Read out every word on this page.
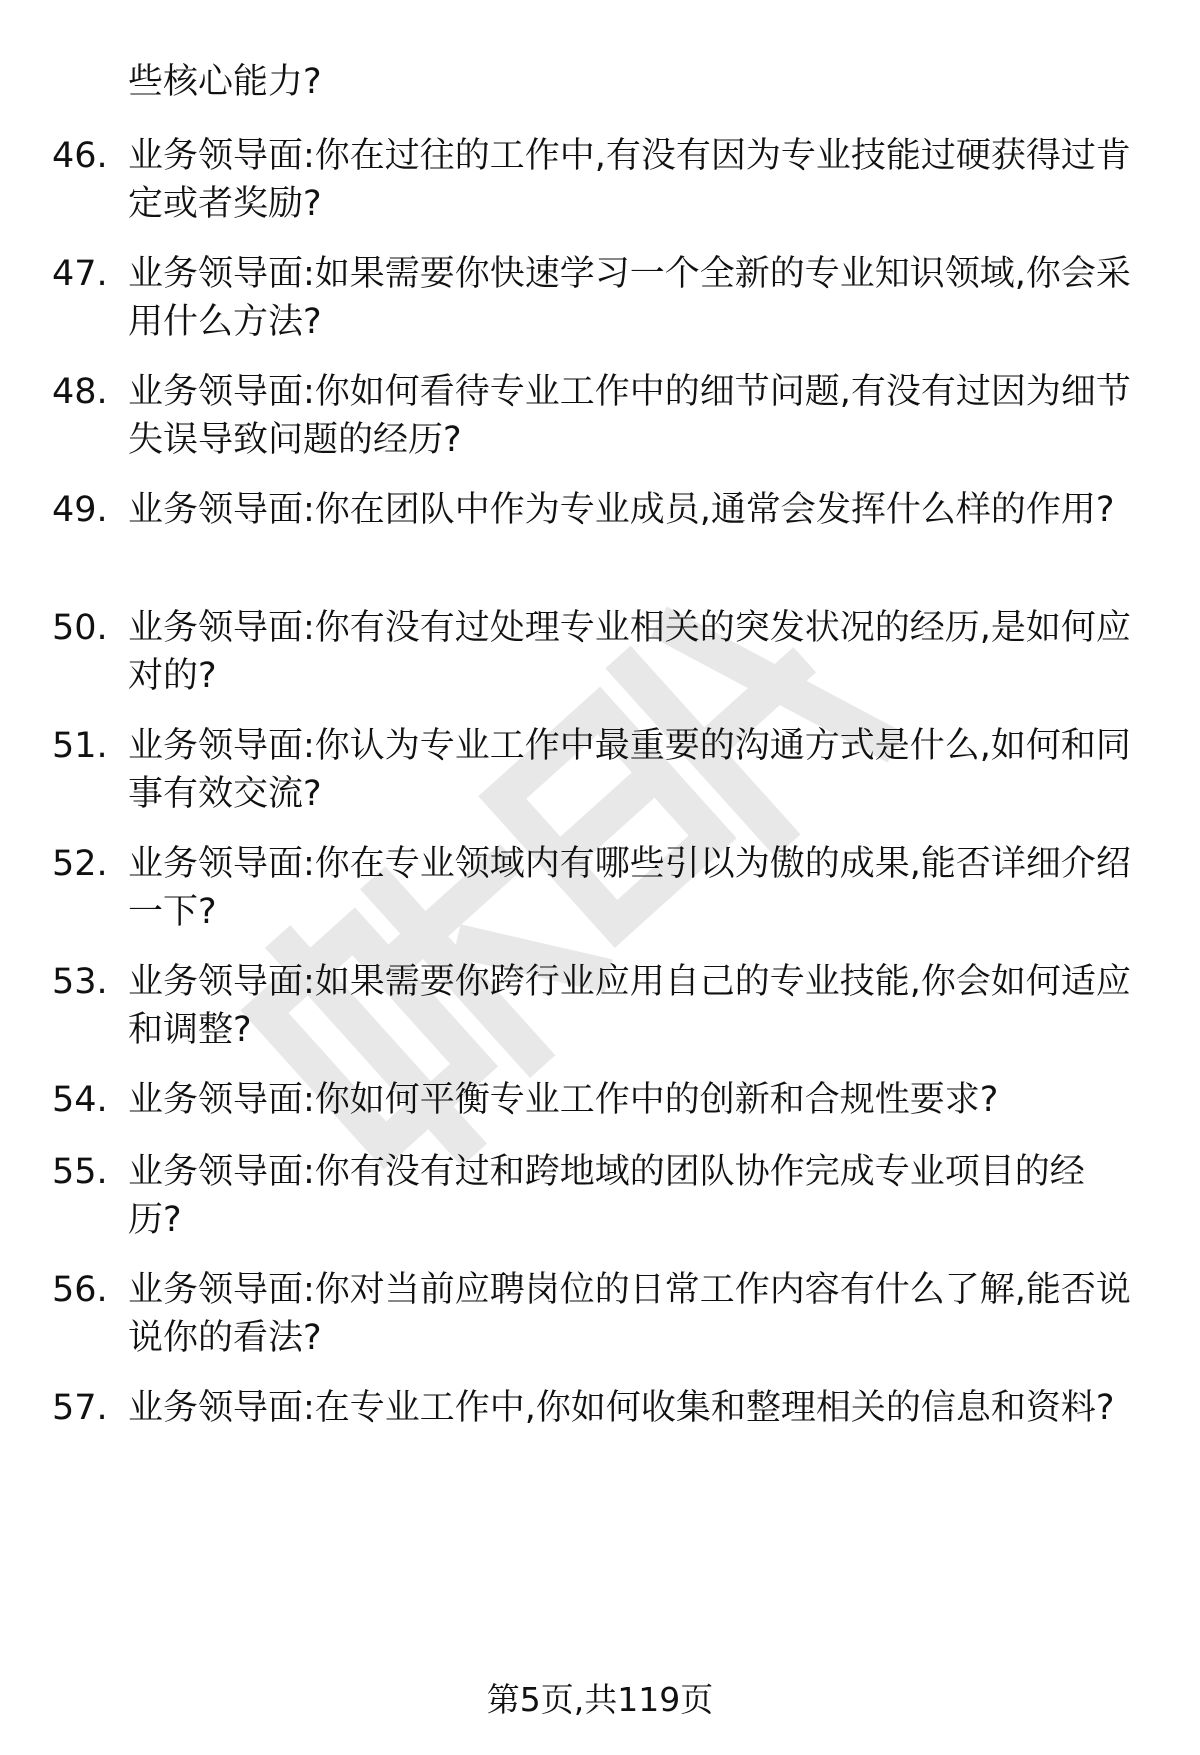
些核心能力?
46. 业务领导面:你在过往的工作中,有没有因为专业技能过硬获得过肯定或者奖励?
47. 业务领导面:如果需要你快速学习一个全新的专业知识领域,你会采用什么方法?
48. 业务领导面:你如何看待专业工作中的细节问题,有没有过因为细节失误导致问题的经历?
49. 业务领导面:你在团队中作为专业成员,通常会发挥什么样的作用?
50. 业务领导面:你有没有过处理专业相关的突发状况的经历,是如何应对的?
51. 业务领导面:你认为专业工作中最重要的沟通方式是什么,如何和同事有效交流?
52. 业务领导面:你在专业领域内有哪些引以为傲的成果,能否详细介绍一下?
53. 业务领导面:如果需要你跨行业应用自己的专业技能,你会如何适应和调整?
54. 业务领导面:你如何平衡专业工作中的创新和合规性要求?
55. 业务领导面:你有没有过和跨地域的团队协作完成专业项目的经历?
56. 业务领导面:你对当前应聘岗位的日常工作内容有什么了解,能否说说你的看法?
57. 业务领导面:在专业工作中,你如何收集和整理相关的信息和资料?
第5页,共119页
